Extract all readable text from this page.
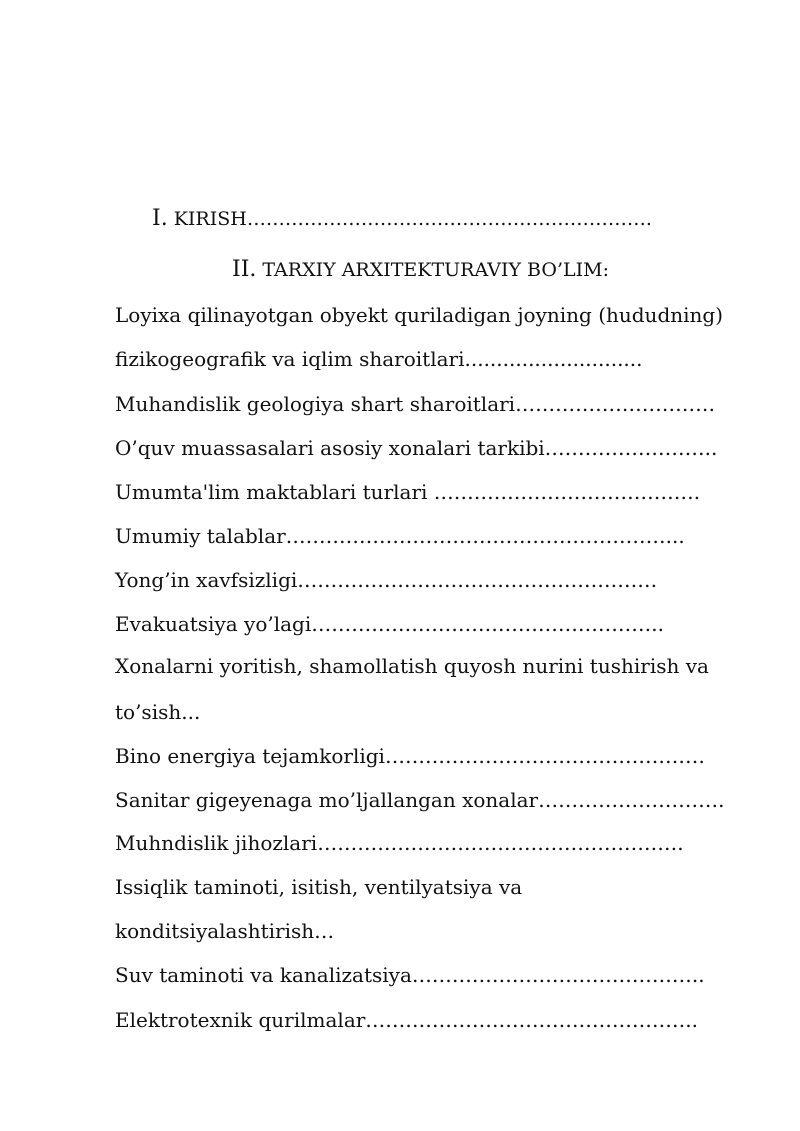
I. KIRISH……………………………………………………….
II. TARXIY ARXITEKTURAVIY BO’LIM:
Loyixa qilinayotgan obyekt quriladigan joyning (hududning)
fizikogeografik va iqlim sharoitlari............................
Muhandislik geologiya shart sharoitlari…………………………
O’quv muassasalari asosiy xonalari tarkibi……………………..
Umumta'lim maktablari turlari ………………………………….
Umumiy talablar…………………………………………………...
Yong’in xavfsizligi………………………………………………
Evakuatsiya yo’lagi……………………………………………..
Xonalarni yoritish, shamollatish quyosh nurini tushirish va
to’sish...
Bino energiya tejamkorligi…………………………………………
Sanitar gigeyenaga mo’ljallangan xonalar……………………….
Muhndislik jihozlari……………………………………………….
Issiqlik taminoti, isitish, ventilyatsiya va
konditsiyalashtirish…
Suv taminoti va kanalizatsiya……………………………………..
Elektrotexnik qurilmalar…………………………………………..
